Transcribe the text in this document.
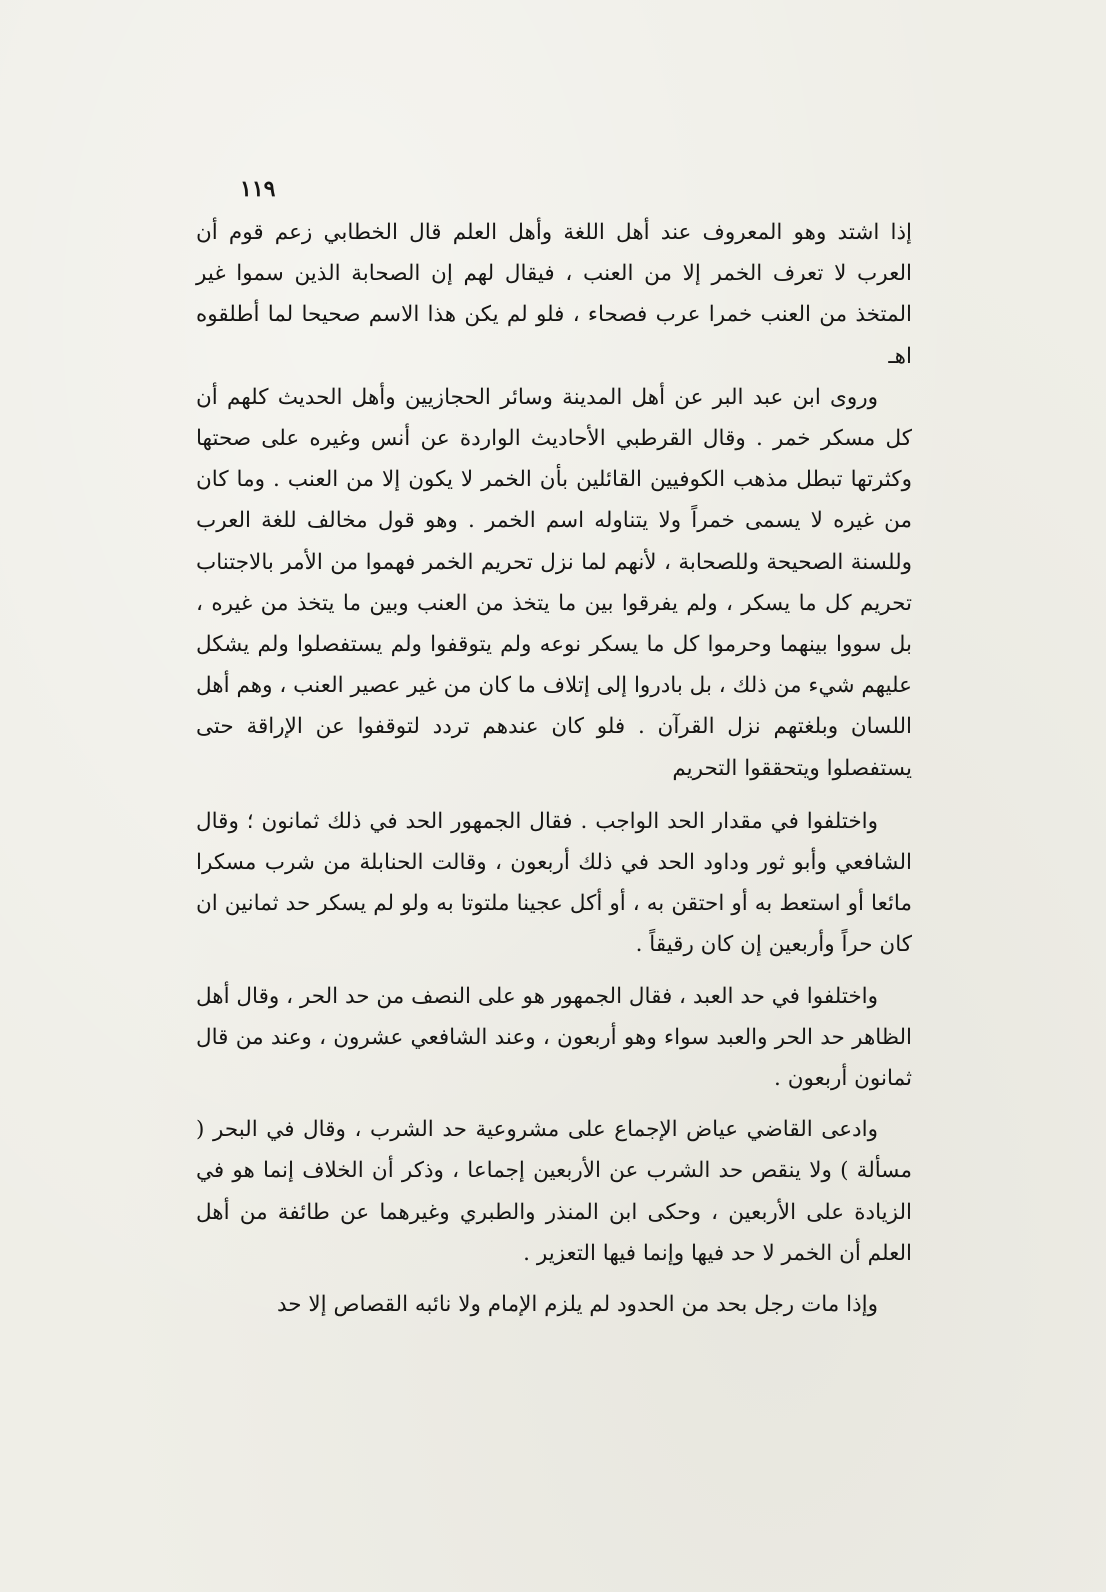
١١٩

إذا اشتد وهو المعروف عند أهل اللغة وأهل العلم قال الخطابي زعم قوم أن العرب لا تعرف الخمر إلا من العنب ، فيقال لهم إن الصحابة الذين سموا غير المتخذ من العنب خمرا عرب فصحاء ، فلو لم يكن هذا الاسم صحيحا لما أطلقوه اهـ

وروى ابن عبد البر عن أهل المدينة وسائر الحجازيين وأهل الحديث كلهم أن كل مسكر خمر . وقال القرطبي الأحاديث الواردة عن أنس وغيره على صحتها وكثرتها تبطل مذهب الكوفيين القائلين بأن الخمر لا يكون إلا من العنب . وما كان من غيره لا يسمى خمراً ولا يتناوله اسم الخمر . وهو قول مخالف للغة العرب وللسنة الصحيحة وللصحابة ، لأنهم لما نزل تحريم الخمر فهموا من الأمر بالاجتناب تحريم كل ما يسكر ، ولم يفرقوا بين ما يتخذ من العنب وبين ما يتخذ من غيره ، بل سووا بينهما وحرموا كل ما يسكر نوعه ولم يتوقفوا ولم يستفصلوا ولم يشكل عليهم شيء من ذلك ، بل بادروا إلى إتلاف ما كان من غير عصير العنب ، وهم أهل اللسان وبلغتهم نزل القرآن . فلو كان عندهم تردد لتوقفوا عن الإراقة حتى يستفصلوا ويتحققوا التحريم

واختلفوا في مقدار الحد الواجب . فقال الجمهور الحد في ذلك ثمانون ؛ وقال الشافعي وأبو ثور وداود الحد في ذلك أربعون ، وقالت الحنابلة من شرب مسكرا مائعا أو استعط به أو احتقن به ، أو أكل عجينا ملتوتا به ولو لم يسكر حد ثمانين ان كان حراً وأربعين إن كان رقيقاً .

واختلفوا في حد العبد ، فقال الجمهور هو على النصف من حد الحر ، وقال أهل الظاهر حد الحر والعبد سواء وهو أربعون ، وعند الشافعي عشرون ، وعند من قال ثمانون أربعون .

وادعى القاضي عياض الإجماع على مشروعية حد الشرب ، وقال في البحر ( مسألة ) ولا ينقص حد الشرب عن الأربعين إجماعا ، وذكر أن الخلاف إنما هو في الزيادة على الأربعين ، وحكى ابن المنذر والطبري وغيرهما عن طائفة من أهل العلم أن الخمر لا حد فيها وإنما فيها التعزير .

وإذا مات رجل بحد من الحدود لم يلزم الإمام ولا نائبه القصاص إلا حد
